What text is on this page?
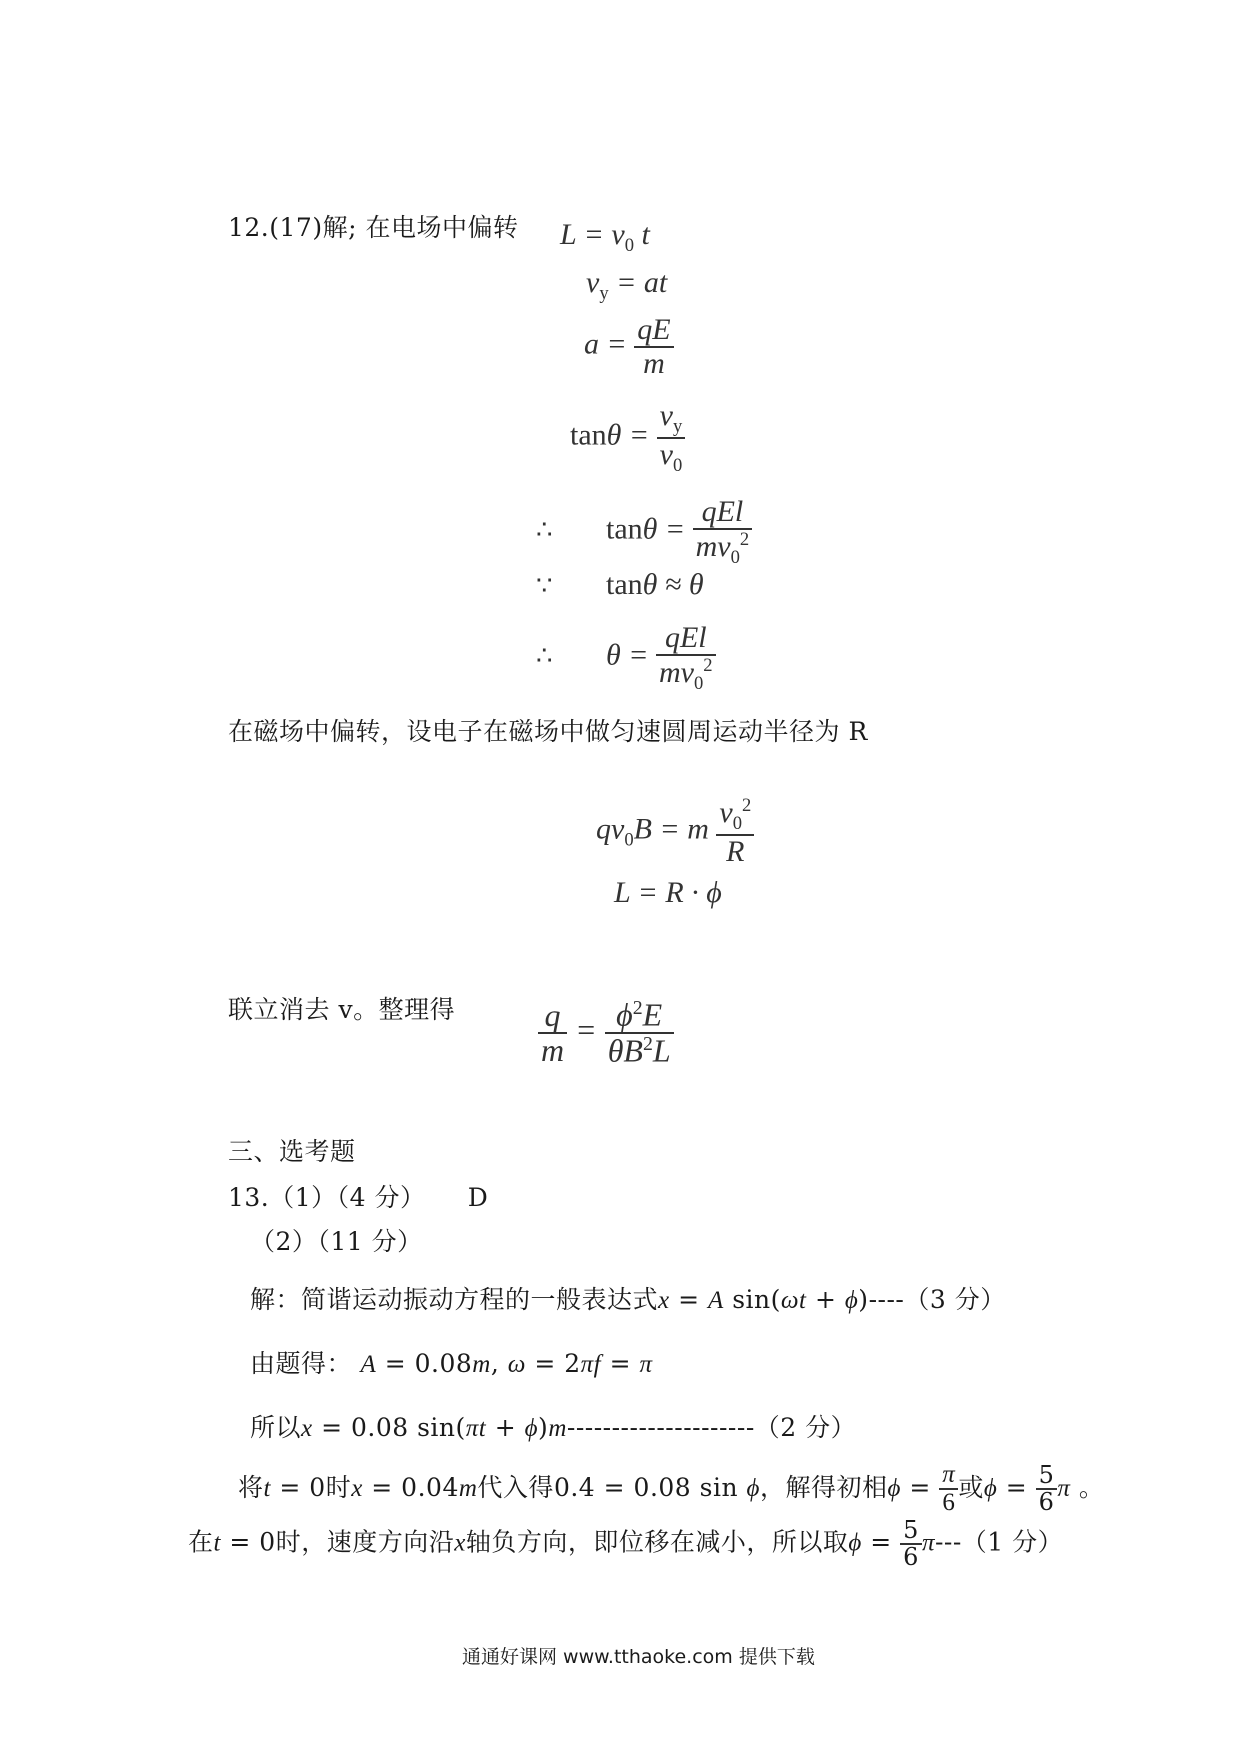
12.(17)解; 在电场中偏转 $L = v_0$ t
$v_y$ = at
$a = \frac{qE}{m}$
$\tan\theta = \frac{v_y}{v_0}$
∴ $\tan\theta = \frac{\text{qEl}}{mv_0^2}$
∵ tanθ ≈ θ
∴ $\theta = \frac{\text{qEl}}{mv_0^2}$
在磁场中偏转，设电子在磁场中做匀速圆周运动半径为 R
$qv_0B = m \frac{v_0^2}{R}$
L = R · ϕ
联立消去 v。整理得	$\frac{q}{m} = \frac{\phi^2E}{\theta B^2L}$
三、选考题
13.（1）（4 分） D
（2）（11 分）
解：简谐运动振动方程的一般表达式x = A sin(ωt + ϕ)----（3 分）
由题得： A = 0.08m, ω = 2πf = π
所以x = 0.08 sin(πt + ϕ)m---------------------（2 分）
将t = 0时x = 0.04m代入得0.4 = 0.08 sin ϕ，解得初相$\phi = \frac{\pi}{6}$ 或$\phi = \frac{5}{6}$ π 。
在t = 0时，速度方向沿x轴负方向，即位移在减小，所以取$\phi = \frac{5}{6} \pi---(1$ 分）
通通好课网 www.tthaoke.com 提供下载
